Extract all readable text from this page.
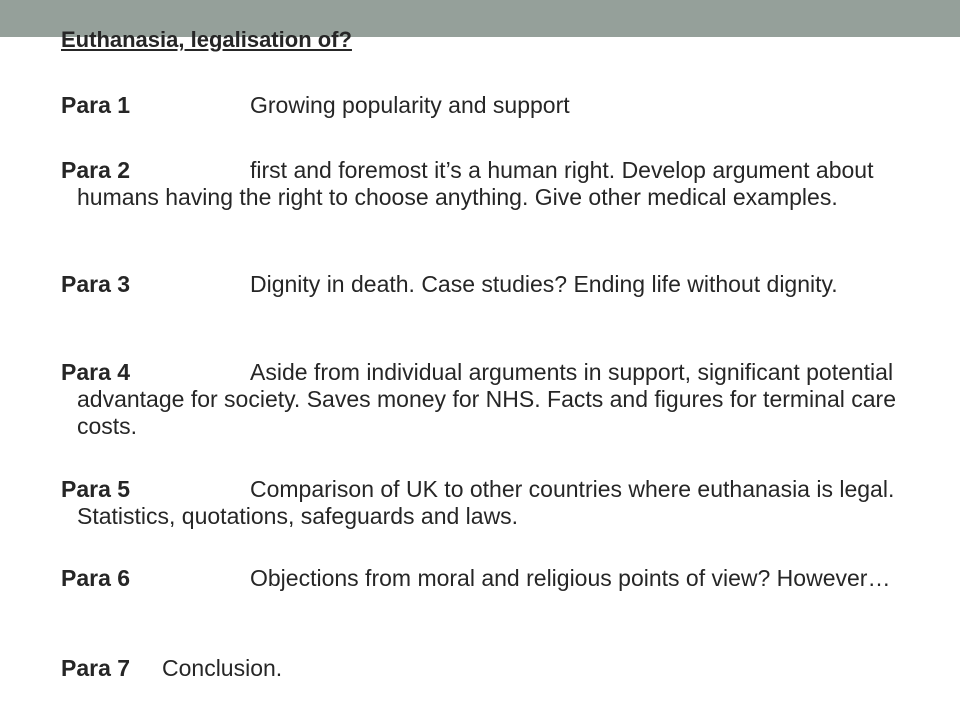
Euthanasia, legalisation of?
Para 1	Growing popularity and support
Para 2	first and foremost it’s a human right. Develop argument about humans having the right to choose anything. Give other medical examples.
Para 3	Dignity in death. Case studies? Ending life without dignity.
Para 4	Aside from individual arguments in support, significant potential advantage for society. Saves money for NHS. Facts and figures for terminal care costs.
Para 5	Comparison of UK to other countries where euthanasia is legal. Statistics, quotations, safeguards and laws.
Para 6	Objections from moral and religious points of view? However…
Para 7 Conclusion.
